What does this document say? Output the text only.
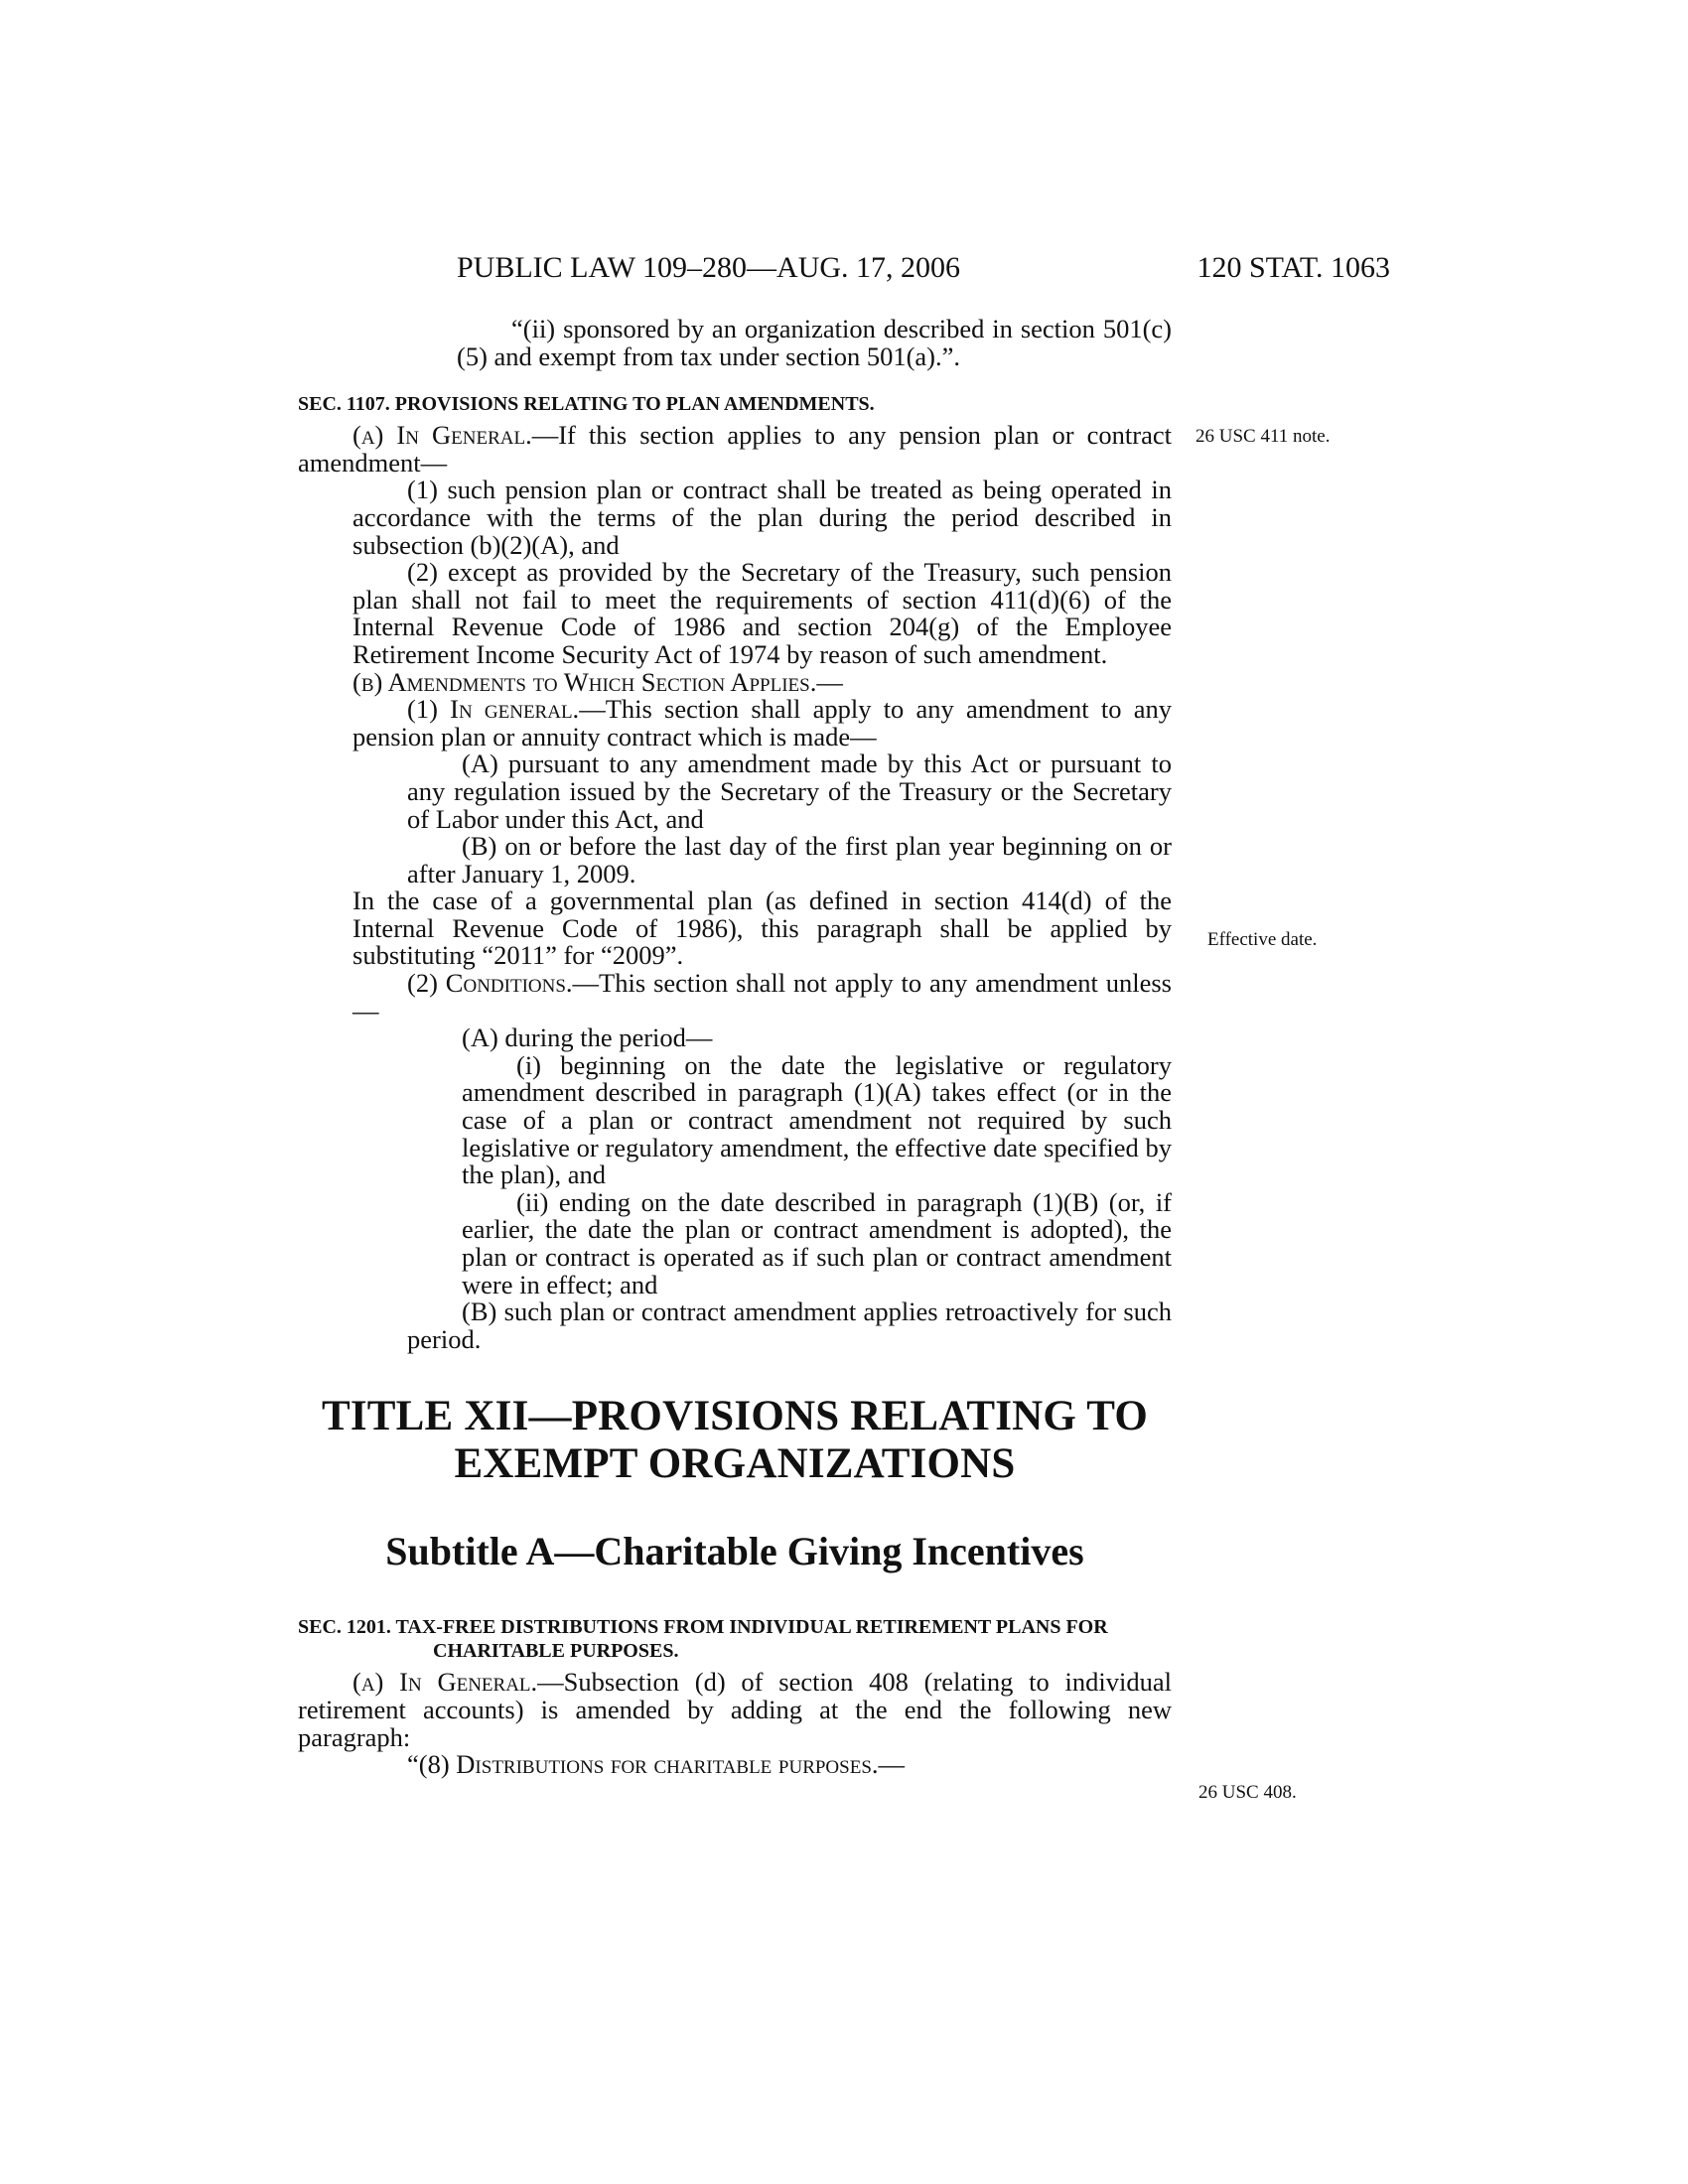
PUBLIC LAW 109–280—AUG. 17, 2006	120 STAT. 1063
26 USC 411 note.
Effective date.
26 USC 408.

“(ii) sponsored by an organization described in section 501(c)(5) and exempt from tax under section 501(a).”.

SEC. 1107. PROVISIONS RELATING TO PLAN AMENDMENTS.

(a) In General.—If this section applies to any pension plan or contract amendment—

(1) such pension plan or contract shall be treated as being operated in accordance with the terms of the plan during the period described in subsection (b)(2)(A), and

(2) except as provided by the Secretary of the Treasury, such pension plan shall not fail to meet the requirements of section 411(d)(6) of the Internal Revenue Code of 1986 and section 204(g) of the Employee Retirement Income Security Act of 1974 by reason of such amendment.

(b) Amendments to Which Section Applies.—

(1) In general.—This section shall apply to any amendment to any pension plan or annuity contract which is made—

(A) pursuant to any amendment made by this Act or pursuant to any regulation issued by the Secretary of the Treasury or the Secretary of Labor under this Act, and

(B) on or before the last day of the first plan year beginning on or after January 1, 2009.

In the case of a governmental plan (as defined in section 414(d) of the Internal Revenue Code of 1986), this paragraph shall be applied by substituting “2011” for “2009”.

(2) Conditions.—This section shall not apply to any amendment unless—

(A) during the period—

(i) beginning on the date the legislative or regulatory amendment described in paragraph (1)(A) takes effect (or in the case of a plan or contract amendment not required by such legislative or regulatory amendment, the effective date specified by the plan), and

(ii) ending on the date described in paragraph (1)(B) (or, if earlier, the date the plan or contract amendment is adopted), the plan or contract is operated as if such plan or contract amendment were in effect; and

(B) such plan or contract amendment applies retroactively for such period.

TITLE XII—PROVISIONS RELATING TO EXEMPT ORGANIZATIONS

Subtitle A—Charitable Giving Incentives

SEC. 1201. TAX-FREE DISTRIBUTIONS FROM INDIVIDUAL RETIREMENT PLANS FOR CHARITABLE PURPOSES.

(a) In General.—Subsection (d) of section 408 (relating to individual retirement accounts) is amended by adding at the end the following new paragraph:

“(8) Distributions for charitable purposes.—
